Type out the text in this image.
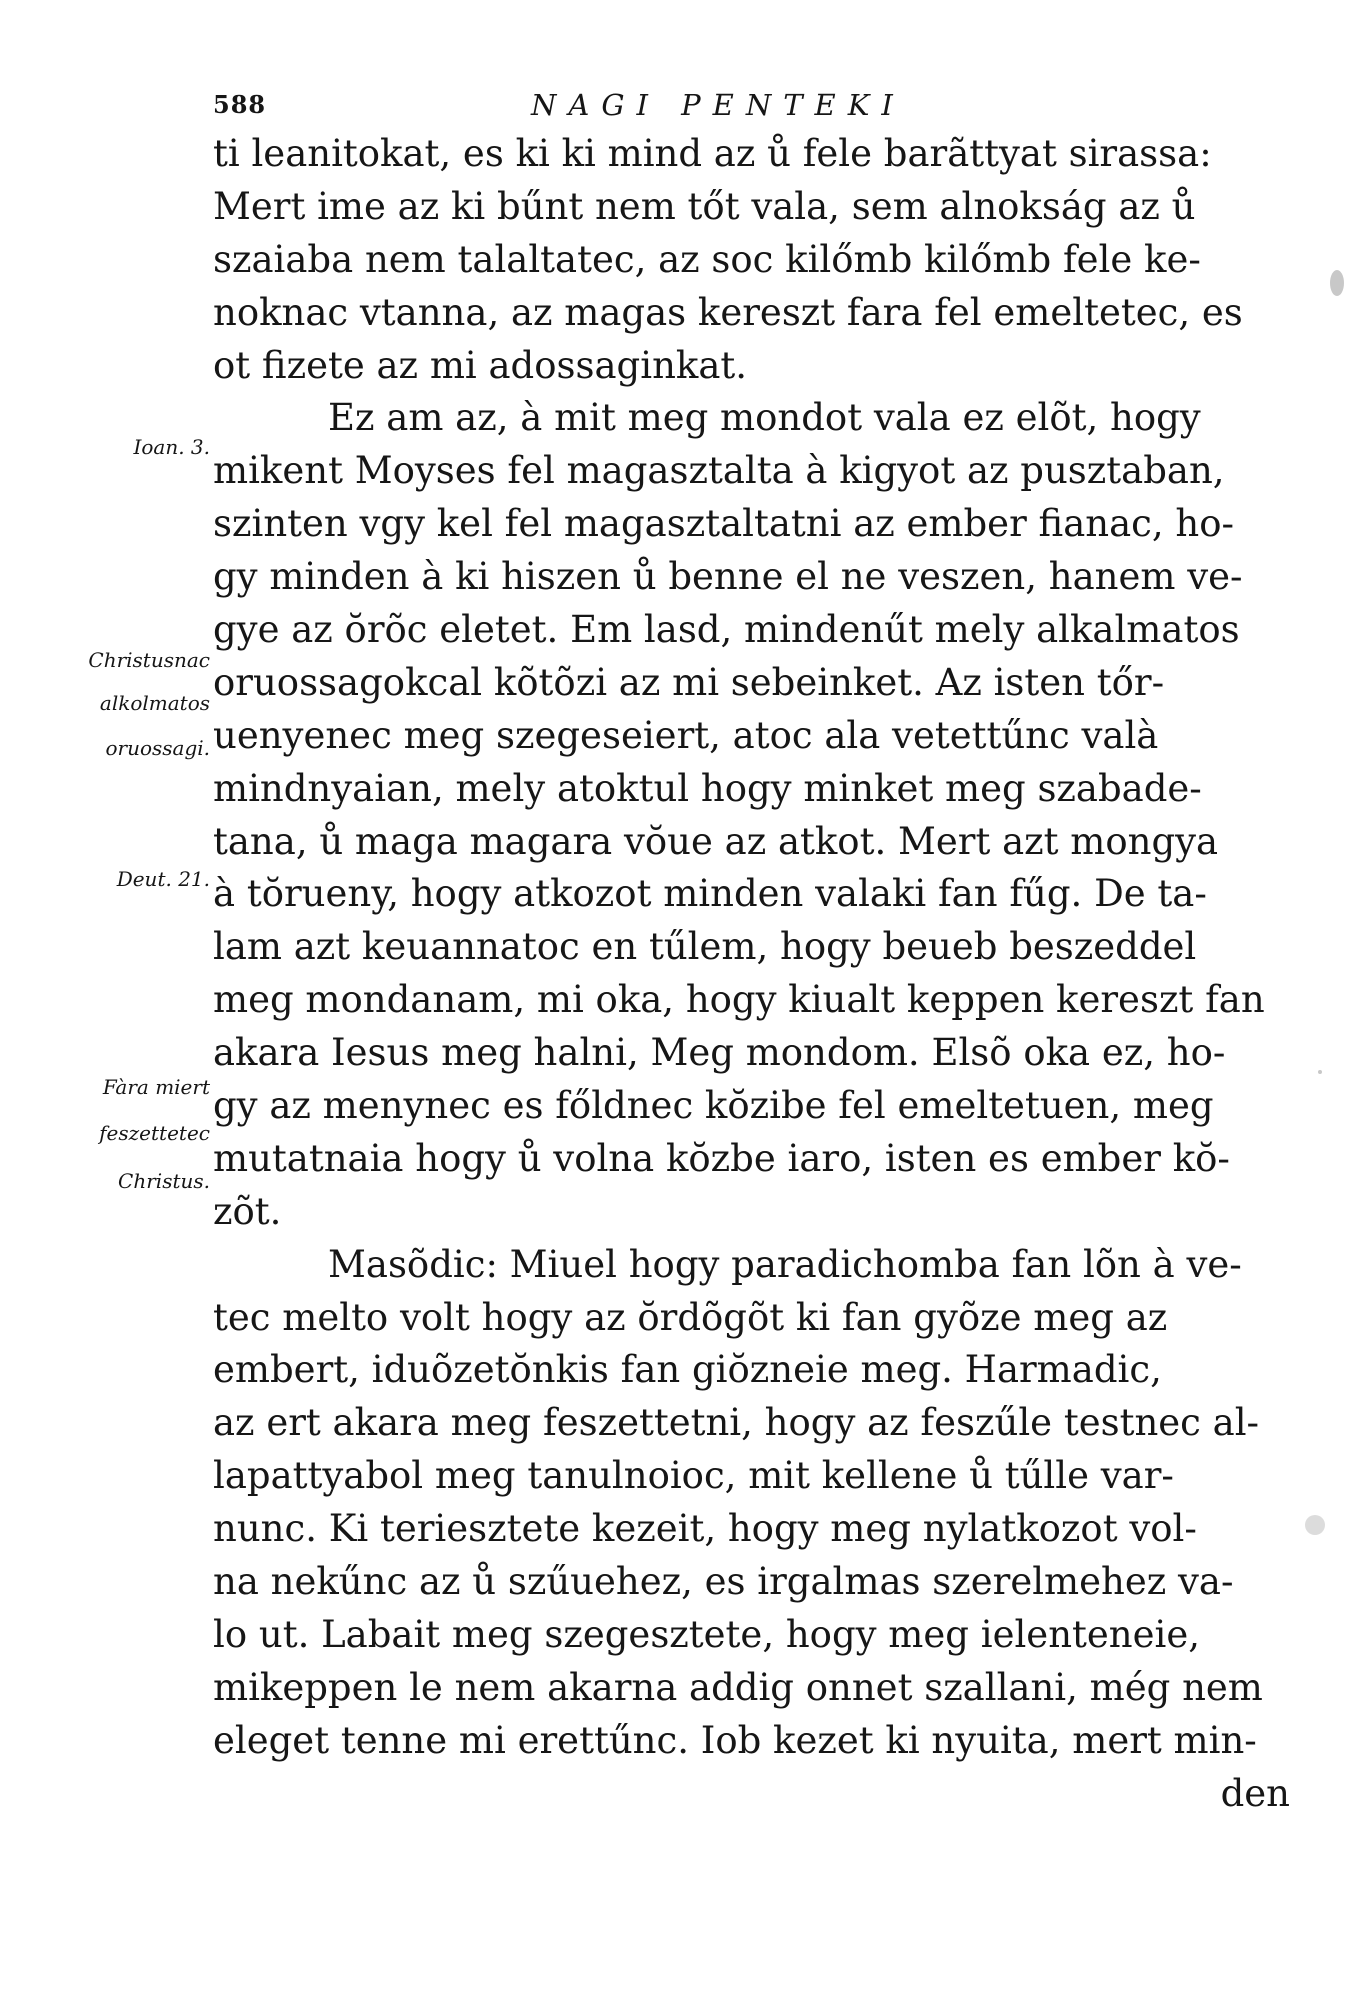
588	NAGI PENTEKI
ti leanitokat, es ki ki mind az ů fele barãttyat sirassa:
Mert ime az ki bűnt nem tőt vala, sem alnokság az ů
szaiaba nem talaltatec, az soc kilőmb kilőmb fele ke-
noknac vtanna, az magas kereszt fara fel emeltetec, es
ot fizete az mi adossaginkat.
Ez am az, à mit meg mondot vala ez elõt, hogy
mikent Moyses fel magasztalta à kigyot az pusztaban,
szinten vgy kel fel magasztaltatni az ember fianac, ho-
gy minden à ki hiszen ů benne el ne veszen, hanem ve-
gye az ŏrõc eletet. Em lasd, mindenűt mely alkalmatos
oruossagokcal kõtõzi az mi sebeinket. Az isten tőr-
uenyenec meg szegeseiert, atoc ala vetettűnc valà
mindnyaian, mely atoktul hogy minket meg szabade-
tana, ů maga magara vŏue az atkot. Mert azt mongya
à tŏrueny, hogy atkozot minden valaki fan fűg. De ta-
lam azt keuannatoc en tűlem, hogy beueb beszeddel
meg mondanam, mi oka, hogy kiualt keppen kereszt fan
akara Iesus meg halni, Meg mondom. Elsõ oka ez, ho-
gy az menynec es főldnec kŏzibe fel emeltetuen, meg
mutatnaia hogy ů volna kŏzbe iaro, isten es ember kŏ-
zõt.
Masõdic: Miuel hogy paradichomba fan lõn à ve-
tec melto volt hogy az ŏrdõgõt ki fan gyõze meg az
embert, iduõzetŏnkis fan giŏzneie meg. Harmadic,
az ert akara meg feszettetni, hogy az feszűle testnec al-
lapattyabol meg tanulnoioc, mit kellene ů tűlle var-
nunc. Ki teriesztete kezeit, hogy meg nylatkozot vol-
na nekűnc az ů szűuehez, es irgalmas szerelmehez va-
lo ut. Labait meg szegesztete, hogy meg ielenteneie,
mikeppen le nem akarna addig onnet szallani, még nem
eleget tenne mi erettűnc. Iob kezet ki nyuita, mert min-
den
Ioan. 3.
Christusnac
alkolmatos
oruossagi.
Deut. 21.
Fàra miert
feszettetec
Christus.
